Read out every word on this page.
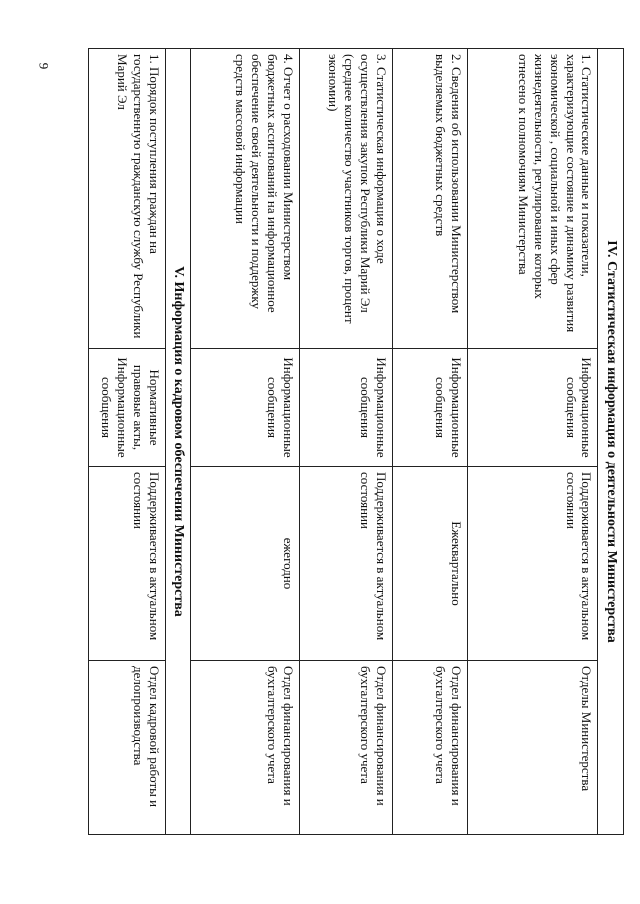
9
IV. Статистическая информация о деятельности Министерства			
1. Статистические данные и показатели, характеризующие состояние и динамику развития экономической , социальной и иных сфер жизнедеятельности, регулирование которых отнесено к полномочиям Министерства	Информационные сообщения	Поддерживается в актуальном состоянии	Отделы Министерства
2. Сведения об использовании Министерством выделяемых бюджетных средств	Информационные сообщения	Ежеквартально	Отдел финансирования и бухгалтерского учета
3. Статистическая информация о ходе осуществления закупок Республики Марий Эл (среднее количество участников торгов, процент экономии)	Информационные сообщения	Поддерживается в актуальном состоянии	Отдел финансирования и бухгалтерского учета
4. Отчет о расходовании Министерством бюджетных ассигнований на информационное обеспечение своей деятельности и поддержку средств массовой информации	Информационные сообщения	ежегодно	Отдел финансирования и бухгалтерского учета
V. Информация о кадровом обеспечении Министерства			
1. Порядок поступления граждан на государственную гражданскую службу Республики Марий Эл	Нормативные правовые акты, Информационные сообщения	Поддерживается в актуальном состоянии	Отдел кадровой работы и делопроизводства
